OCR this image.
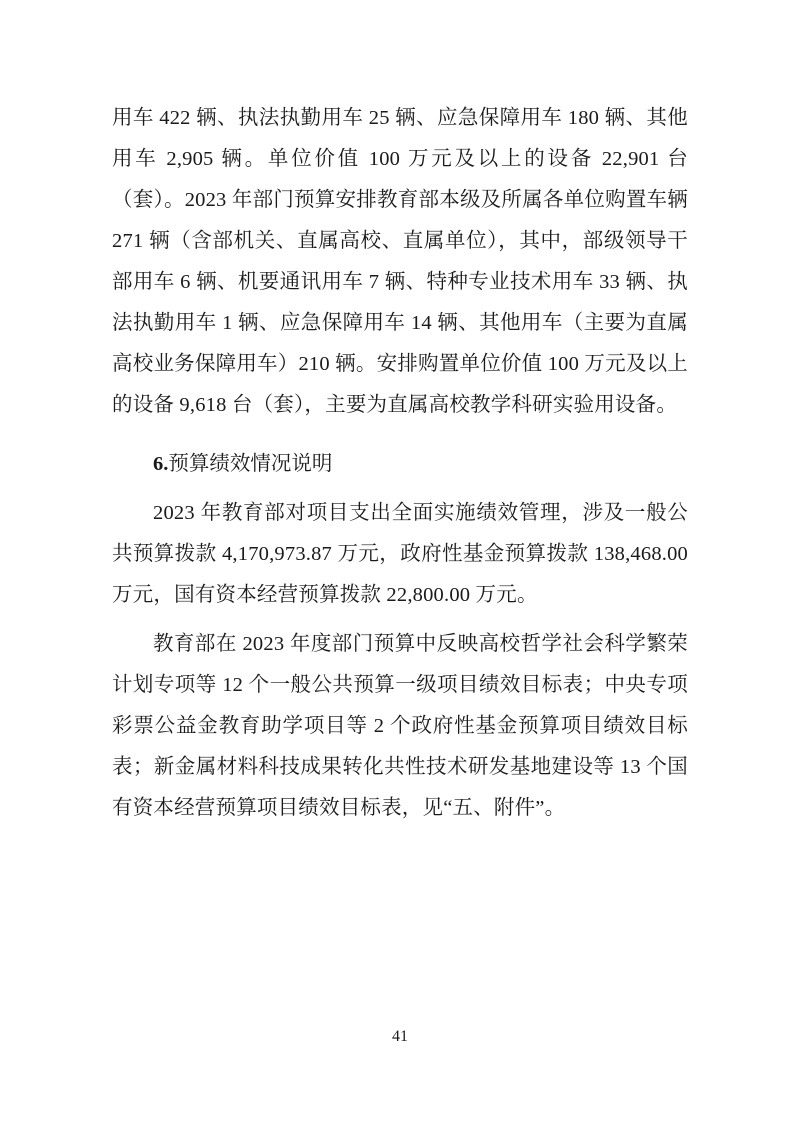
用车 422 辆、执法执勤用车 25 辆、应急保障用车 180 辆、其他用车 2,905 辆。单位价值 100 万元及以上的设备 22,901 台（套）。2023 年部门预算安排教育部本级及所属各单位购置车辆 271 辆（含部机关、直属高校、直属单位），其中，部级领导干部用车 6 辆、机要通讯用车 7 辆、特种专业技术用车 33 辆、执法执勤用车 1 辆、应急保障用车 14 辆、其他用车（主要为直属高校业务保障用车）210 辆。安排购置单位价值 100 万元及以上的设备 9,618 台（套），主要为直属高校教学科研实验用设备。

6.预算绩效情况说明

2023 年教育部对项目支出全面实施绩效管理，涉及一般公共预算拨款 4,170,973.87 万元，政府性基金预算拨款 138,468.00 万元，国有资本经营预算拨款 22,800.00 万元。

教育部在 2023 年度部门预算中反映高校哲学社会科学繁荣计划专项等 12 个一般公共预算一级项目绩效目标表；中央专项彩票公益金教育助学项目等 2 个政府性基金预算项目绩效目标表；新金属材料科技成果转化共性技术研发基地建设等 13 个国有资本经营预算项目绩效目标表，见“五、附件”。

41
